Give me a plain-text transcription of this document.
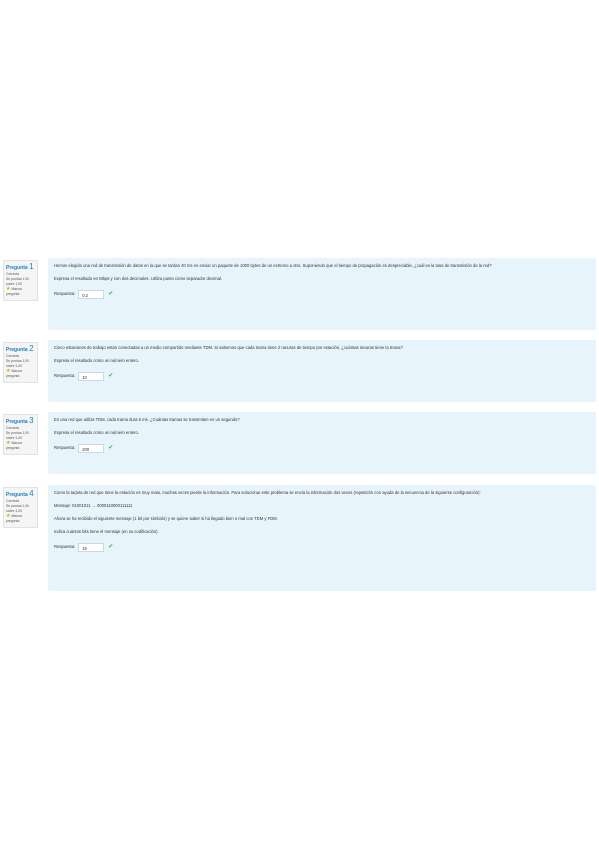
Pregunta 1
Correcta
Se puntúa 1,00 sobre 1,00
★ Marcar pregunta

Hemos elegido una red de transmisión de datos en la que se tardan 40 ms en enviar un paquete de 1000 bytes de un extremo a otro. Suponiendo que el tiempo de propagación es despreciable, ¿cuál es la tasa de transmisión de la red?

Expresa el resultado en Mbps y con dos decimales. Utiliza punto como separador decimal.

Respuesta:	0.2	✔
Pregunta 2
Correcta
Se puntúa 1,00 sobre 1,00
★ Marcar pregunta

Cinco estaciones de trabajo están conectadas a un medio compartido mediante TDM. Si sabemos que cada trama tiene 2 ranuras de tiempo por estación, ¿cuántas ranuras tiene la trama?

Expresa el resultado como un número entero.

Respuesta:	10	✔
Pregunta 3
Correcta
Se puntúa 1,00 sobre 1,00
★ Marcar pregunta

En una red que utiliza TDM, cada trama dura 5 ms. ¿Cuántas tramas se transmiten en un segundo?

Expresa el resultado como un número entero.

Respuesta:	200	✔
Pregunta 4
Correcta
Se puntúa 1,00 sobre 1,00
★ Marcar pregunta

Como la tarjeta de red que tiene la estación es muy mala, muchas veces pierde la información. Para solucionar este problema se envía la información dos veces (repetición con ayuda de la secuencia de la siguiente configuración):

Mensaje: 01001011 → 0000110000111111

Ahora se ha recibido el siguiente mensaje (1 bit por símbolo) y se quiere saber si ha llegado bien o mal con TDM y FDM.

Indica cuántos bits tiene el mensaje (en su codificación).

Respuesta:	16	✔
